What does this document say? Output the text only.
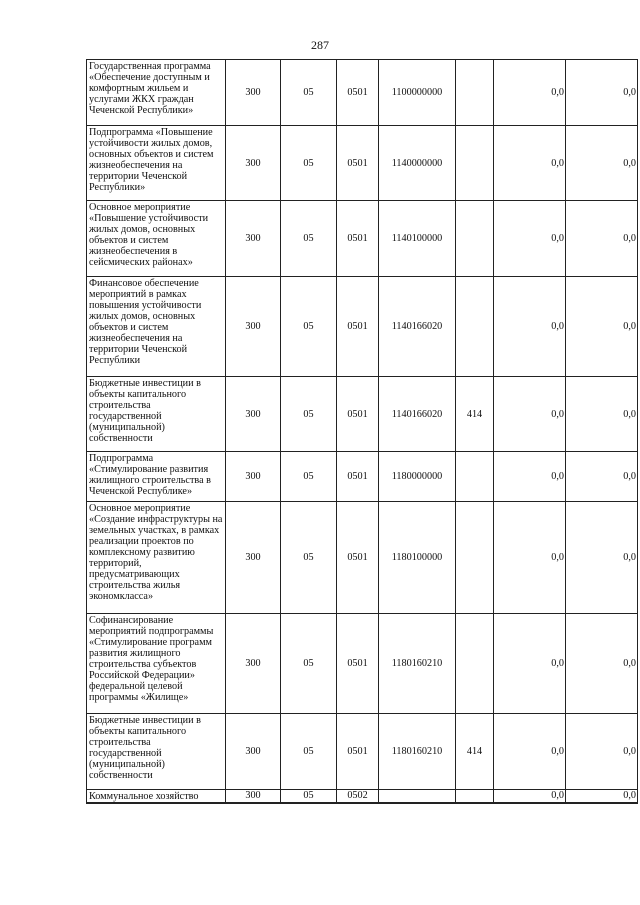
287
Государственная программа «Обеспечение доступным и комфортным жильем и услугами ЖКХ граждан Чеченской Республики»	300	05	0501	1100000000		0,0	0,0
Подпрограмма «Повышение устойчивости жилых домов, основных объектов и систем жизнеобеспечения на территории Чеченской Республики»	300	05	0501	1140000000		0,0	0,0
Основное мероприятие «Повышение устойчивости жилых домов, основных объектов и систем жизнеобеспечения в сейсмических районах»	300	05	0501	1140100000		0,0	0,0
Финансовое обеспечение мероприятий в рамках повышения устойчивости жилых домов, основных объектов и систем жизнеобеспечения на территории Чеченской Республики	300	05	0501	1140166020		0,0	0,0
Бюджетные инвестиции в объекты капитального строительства государственной (муниципальной) собственности	300	05	0501	1140166020	414	0,0	0,0
Подпрограмма «Стимулирование развития жилищного строительства в Чеченской Республике»	300	05	0501	1180000000		0,0	0,0
Основное мероприятие «Создание инфраструктуры на земельных участках, в рамках реализации проектов по комплексному развитию территорий, предусматривающих строительства жилья экономкласса»	300	05	0501	1180100000		0,0	0,0
Софинансирование мероприятий подпрограммы «Стимулирование программ развития жилищного строительства субъектов Российской Федерации» федеральной целевой программы «Жилище»	300	05	0501	1180160210		0,0	0,0
Бюджетные инвестиции в объекты капитального строительства государственной (муниципальной) собственности	300	05	0501	1180160210	414	0,0	0,0
Коммунальное хозяйство	300	05	0502			0,0	0,0
